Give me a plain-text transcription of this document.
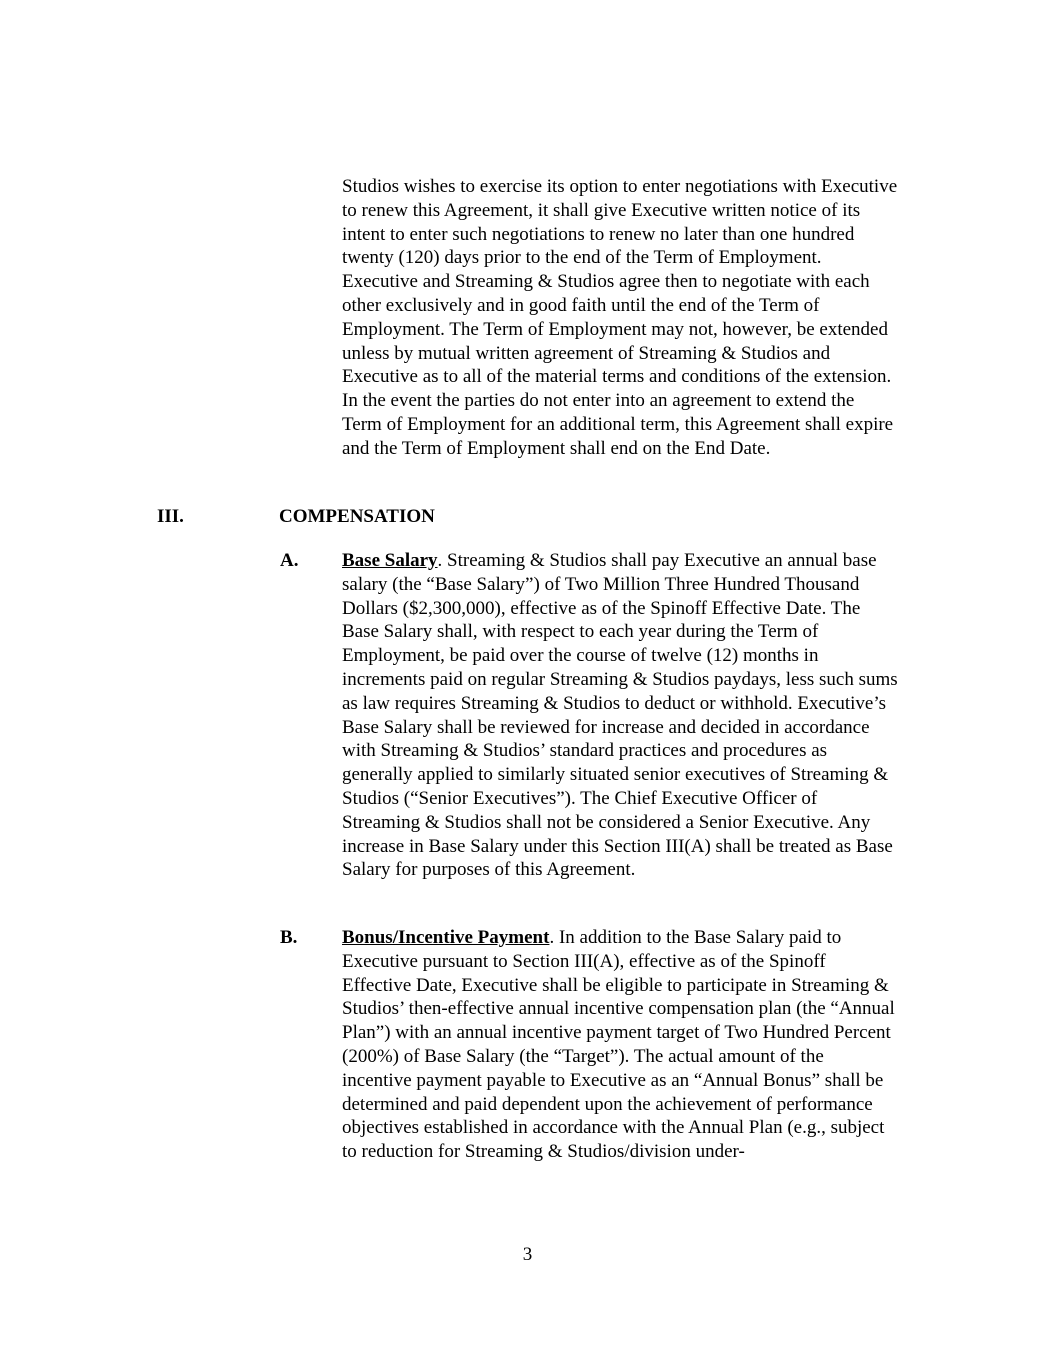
Studios wishes to exercise its option to enter negotiations with Executive to renew this Agreement, it shall give Executive written notice of its intent to enter such negotiations to renew no later than one hundred twenty (120) days prior to the end of the Term of Employment. Executive and Streaming & Studios agree then to negotiate with each other exclusively and in good faith until the end of the Term of Employment. The Term of Employment may not, however, be extended unless by mutual written agreement of Streaming & Studios and Executive as to all of the material terms and conditions of the extension. In the event the parties do not enter into an agreement to extend the Term of Employment for an additional term, this Agreement shall expire and the Term of Employment shall end on the End Date.

III.	COMPENSATION
A. Base Salary. Streaming & Studios shall pay Executive an annual base salary (the “Base Salary”) of Two Million Three Hundred Thousand Dollars ($2,300,000), effective as of the Spinoff Effective Date. The Base Salary shall, with respect to each year during the Term of Employment, be paid over the course of twelve (12) months in increments paid on regular Streaming & Studios paydays, less such sums as law requires Streaming & Studios to deduct or withhold. Executive’s Base Salary shall be reviewed for increase and decided in accordance with Streaming & Studios’ standard practices and procedures as generally applied to similarly situated senior executives of Streaming & Studios (“Senior Executives”). The Chief Executive Officer of Streaming & Studios shall not be considered a Senior Executive. Any increase in Base Salary under this Section III(A) shall be treated as Base Salary for purposes of this Agreement.

B. Bonus/Incentive Payment. In addition to the Base Salary paid to Executive pursuant to Section III(A), effective as of the Spinoff Effective Date, Executive shall be eligible to participate in Streaming & Studios’ then-effective annual incentive compensation plan (the “Annual Plan”) with an annual incentive payment target of Two Hundred Percent (200%) of Base Salary (the “Target”). The actual amount of the incentive payment payable to Executive as an “Annual Bonus” shall be determined and paid dependent upon the achievement of performance objectives established in accordance with the Annual Plan (e.g., subject to reduction for Streaming & Studios/division under-

3
